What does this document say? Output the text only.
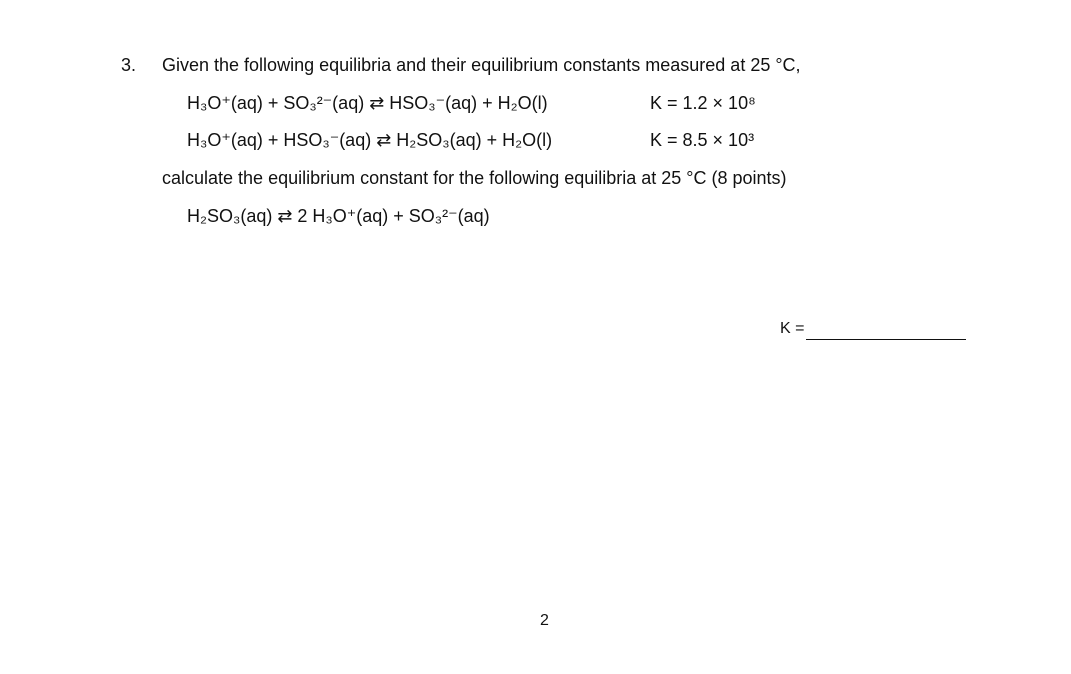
3. Given the following equilibria and their equilibrium constants measured at 25 °C,
H₃O⁺(aq) + SO₃²⁻(aq) ⇄ HSO₃⁻(aq) + H₂O(l)	K = 1.2 × 10⁸
H₃O⁺(aq) + HSO₃⁻(aq) ⇄ H₂SO₃(aq) + H₂O(l)	K = 8.5 × 10³
calculate the equilibrium constant for the following equilibria at 25 °C (8 points)
H₂SO₃(aq) ⇄ 2 H₃O⁺(aq) + SO₃²⁻(aq)
K =
2
